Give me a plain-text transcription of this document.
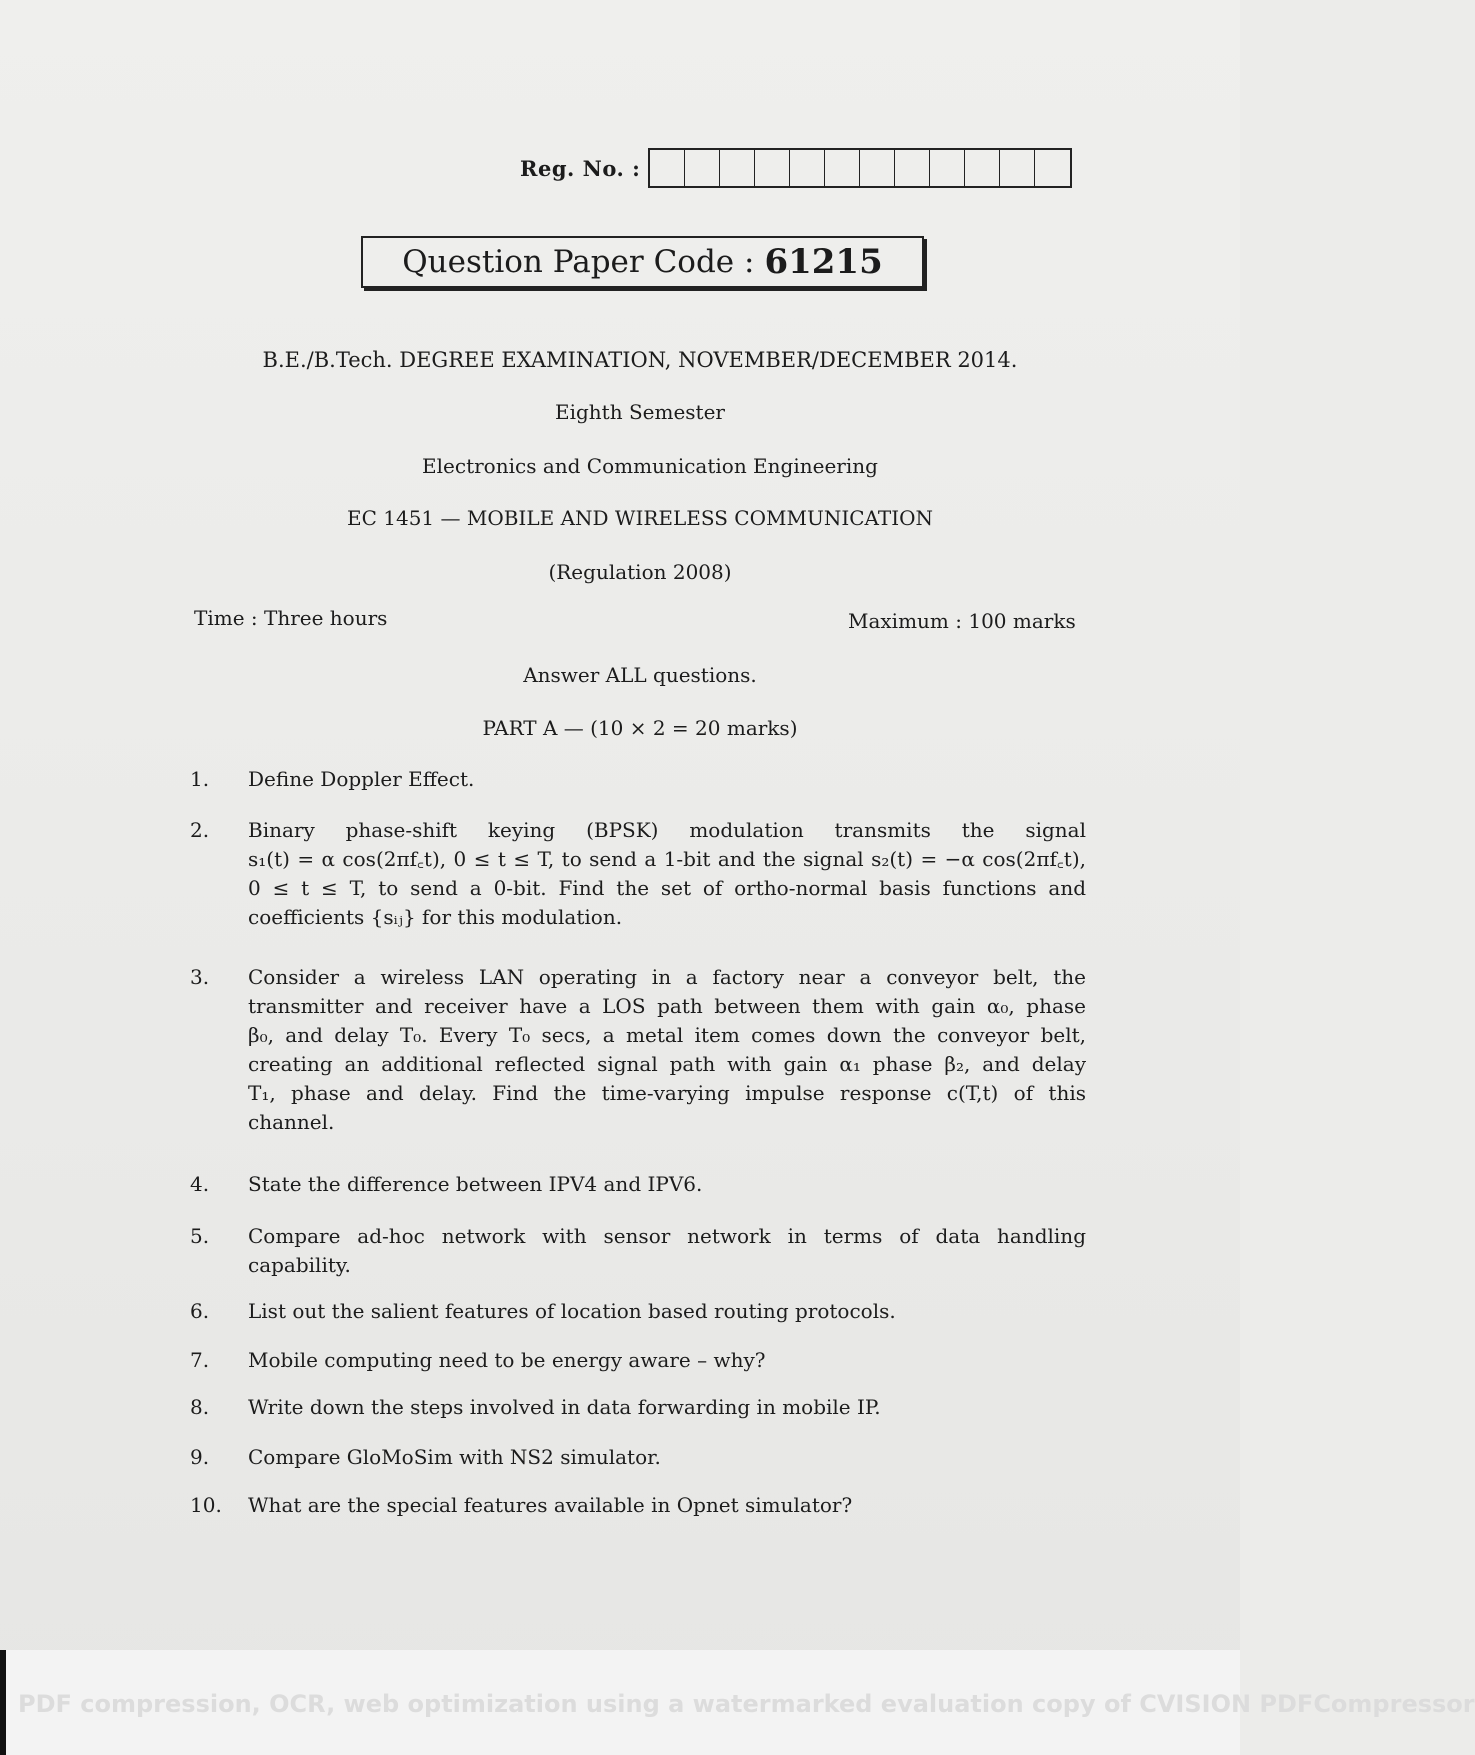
Reg. No. :
Question Paper Code : 61215
B.E./B.Tech. DEGREE EXAMINATION, NOVEMBER/DECEMBER 2014.
Eighth Semester
Electronics and Communication Engineering
EC 1451 — MOBILE AND WIRELESS COMMUNICATION
(Regulation 2008)
Time : Three hours	Maximum : 100 marks
Answer ALL questions.
PART A — (10 × 2 = 20 marks)
1. Define Doppler Effect.
2. Binary phase-shift keying (BPSK) modulation transmits the signal
s₁(t) = α cos(2πf꜀t), 0 ≤ t ≤ T, to send a 1-bit and the signal s₂(t) = −α cos(2πf꜀t),
0 ≤ t ≤ T, to send a 0-bit. Find the set of ortho-normal basis functions and
coefficients {sᵢⱼ} for this modulation.
3. Consider a wireless LAN operating in a factory near a conveyor belt, the
transmitter and receiver have a LOS path between them with gain α₀, phase
β₀, and delay T₀. Every T₀ secs, a metal item comes down the conveyor belt,
creating an additional reflected signal path with gain α₁ phase β₂, and delay
T₁, phase and delay. Find the time-varying impulse response c(T,t) of this
channel.
4. State the difference between IPV4 and IPV6.
5. Compare ad-hoc network with sensor network in terms of data handling
capability.
6. List out the salient features of location based routing protocols.
7. Mobile computing need to be energy aware – why?
8. Write down the steps involved in data forwarding in mobile IP.
9. Compare GloMoSim with NS2 simulator.
10. What are the special features available in Opnet simulator?
PDF compression, OCR, web optimization using a watermarked evaluation copy of CVISION PDFCompressor
